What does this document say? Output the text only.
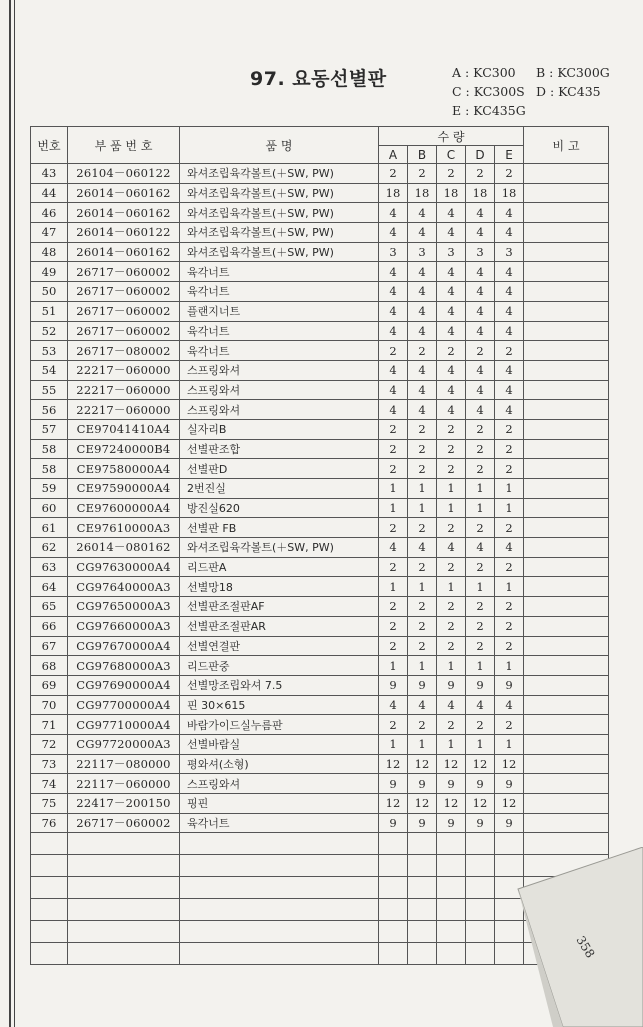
97. 요동선별판	A : KC300 B : KC300G
C : KC300S D : KC435
E : KC435G
번호	부 품 번 호	품 명	수 량					비 고
			A	B	C	D	E	
43	26104－060122	와셔조립육각볼트(＋SW, PW)	2	2	2	2	2	
44	26014－060162	와셔조립육각볼트(＋SW, PW)	18	18	18	18	18	
46	26014－060162	와셔조립육각볼트(＋SW, PW)	4	4	4	4	4	
47	26014－060122	와셔조립육각볼트(＋SW, PW)	4	4	4	4	4	
48	26014－060162	와셔조립육각볼트(＋SW, PW)	3	3	3	3	3	
49	26717－060002	육각너트	4	4	4	4	4	
50	26717－060002	육각너트	4	4	4	4	4	
51	26717－060002	플랜지너트	4	4	4	4	4	
52	26717－060002	육각너트	4	4	4	4	4	
53	26717－080002	육각너트	2	2	2	2	2	
54	22217－060000	스프링와셔	4	4	4	4	4	
55	22217－060000	스프링와셔	4	4	4	4	4	
56	22217－060000	스프링와셔	4	4	4	4	4	
57	CE97041410A4	실자리B	2	2	2	2	2	
58	CE97240000B4	선별판조합	2	2	2	2	2	
58	CE97580000A4	선별판D	2	2	2	2	2	
59	CE97590000A4	2번진실	1	1	1	1	1	
60	CE97600000A4	방진실620	1	1	1	1	1	
61	CE97610000A3	선별판 FB	2	2	2	2	2	
62	26014－080162	와셔조립육각볼트(＋SW, PW)	4	4	4	4	4	
63	CG97630000A4	리드판A	2	2	2	2	2	
64	CG97640000A3	선별망18	1	1	1	1	1	
65	CG97650000A3	선별판조절판AF	2	2	2	2	2	
66	CG97660000A3	선별판조절판AR	2	2	2	2	2	
67	CG97670000A4	선별연결판	2	2	2	2	2	
68	CG97680000A3	리드판중	1	1	1	1	1	
69	CG97690000A4	선별망조립와셔 7.5	9	9	9	9	9	
70	CG97700000A4	핀 30×615	4	4	4	4	4	
71	CG97710000A4	바람가이드실누름판	2	2	2	2	2	
72	CG97720000A3	선별바람실	1	1	1	1	1	
73	22117－080000	평와셔(소형)	12	12	12	12	12	
74	22117－060000	스프링와셔	9	9	9	9	9	
75	22417－200150	핑핀	12	12	12	12	12	
76	26717－060002	육각너트	9	9	9	9	9	

358
